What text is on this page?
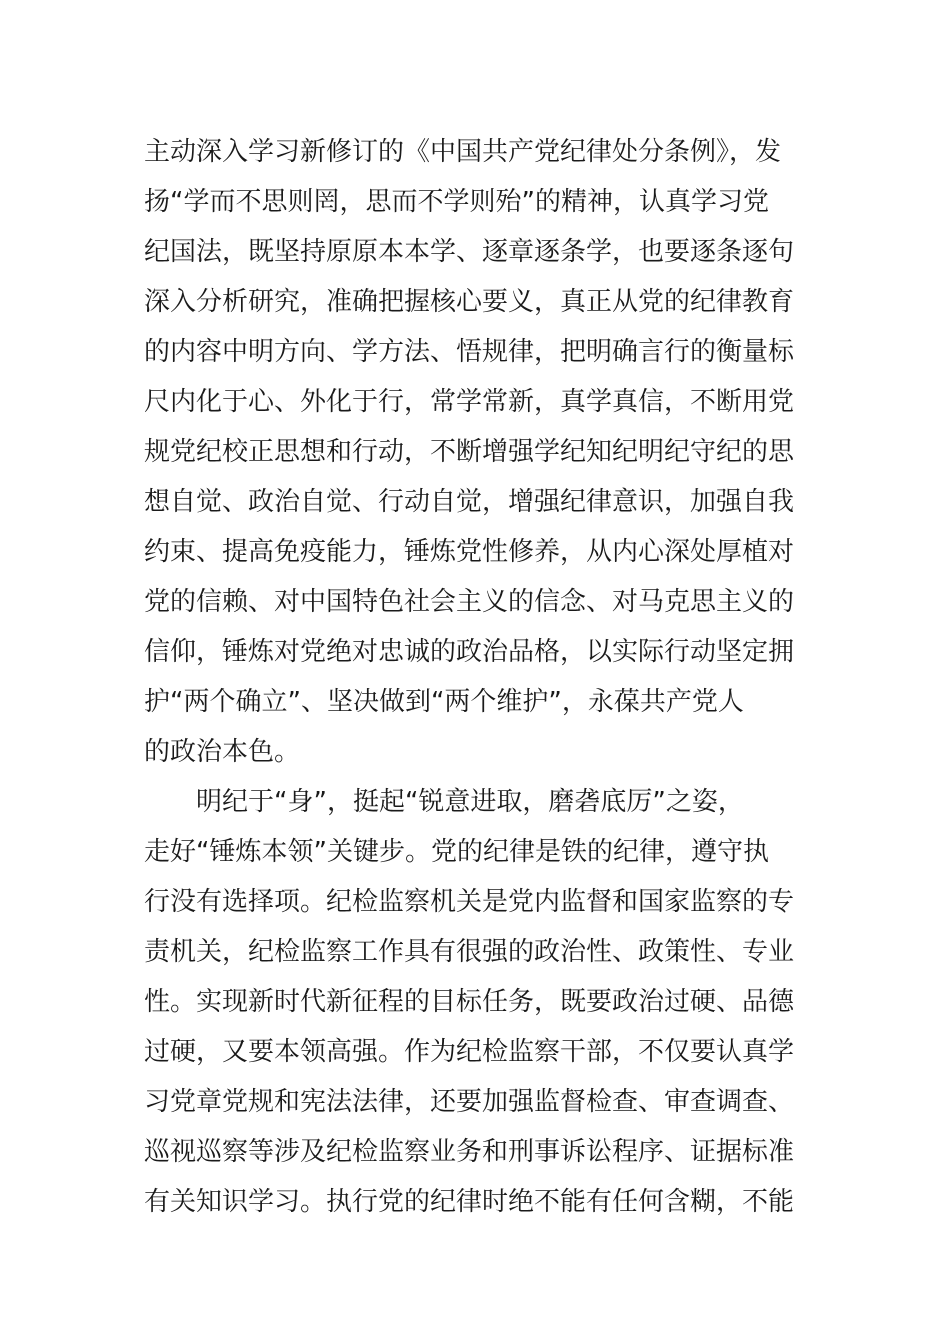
主动深入学习新修订的《中国共产党纪律处分条例》，发
扬“学而不思则罔，思而不学则殆”的精神，认真学习党
纪国法，既坚持原原本本学、逐章逐条学，也要逐条逐句
深入分析研究，准确把握核心要义，真正从党的纪律教育
的内容中明方向、学方法、悟规律，把明确言行的衡量标
尺内化于心、外化于行，常学常新，真学真信，不断用党
规党纪校正思想和行动，不断增强学纪知纪明纪守纪的思
想自觉、政治自觉、行动自觉，增强纪律意识，加强自我
约束、提高免疫能力，锤炼党性修养，从内心深处厚植对
党的信赖、对中国特色社会主义的信念、对马克思主义的
信仰，锤炼对党绝对忠诚的政治品格，以实际行动坚定拥
护“两个确立”、坚决做到“两个维护”，永葆共产党人
的政治本色。
明纪于“身”，挺起“锐意进取，磨砻底厉”之姿，
走好“锤炼本领”关键步。党的纪律是铁的纪律，遵守执
行没有选择项。纪检监察机关是党内监督和国家监察的专
责机关，纪检监察工作具有很强的政治性、政策性、专业
性。实现新时代新征程的目标任务，既要政治过硬、品德
过硬，又要本领高强。作为纪检监察干部，不仅要认真学
习党章党规和宪法法律，还要加强监督检查、审查调查、
巡视巡察等涉及纪检监察业务和刑事诉讼程序、证据标准
有关知识学习。执行党的纪律时绝不能有任何含糊，不能
